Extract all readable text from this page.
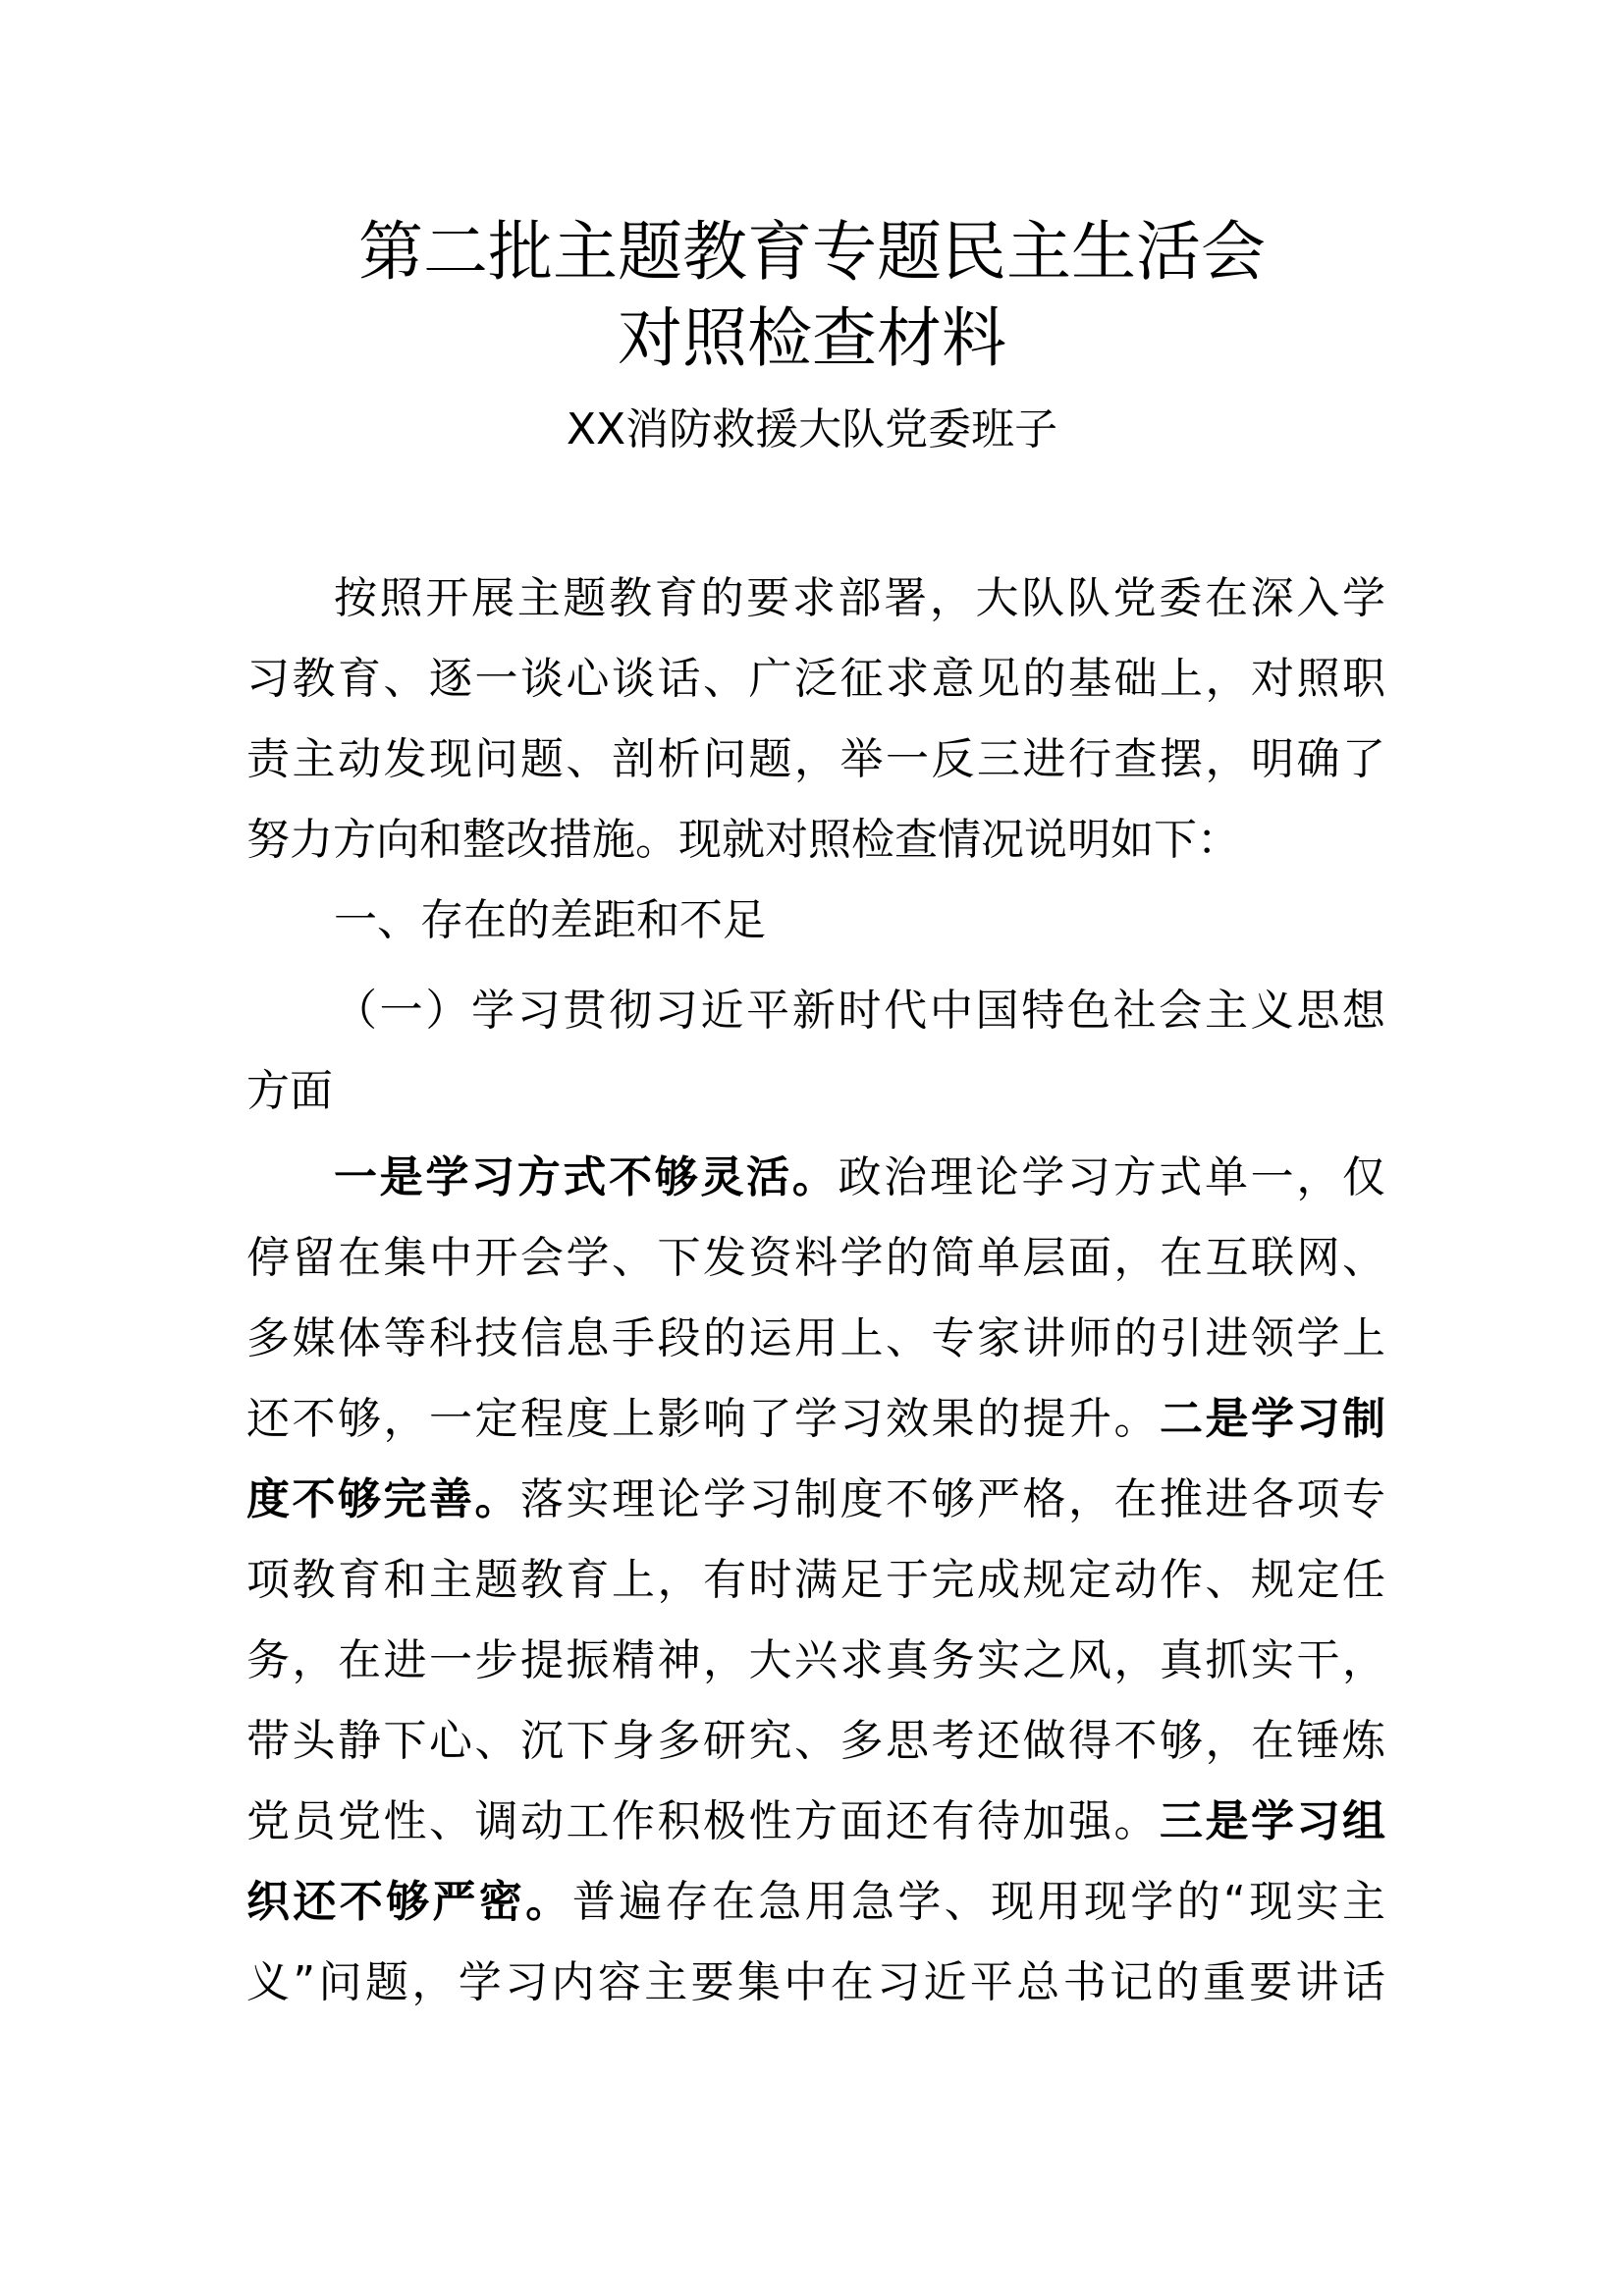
第二批主题教育专题民主生活会
对照检查材料

XX消防救援大队党委班子

按照开展主题教育的要求部署，大队队党委在深入学

习教育、逐一谈心谈话、广泛征求意见的基础上，对照职

责主动发现问题、剖析问题，举一反三进行查摆，明确了

努力方向和整改措施。现就对照检查情况说明如下：

一、存在的差距和不足

（一）学习贯彻习近平新时代中国特色社会主义思想

方面

一是学习方式不够灵活。政治理论学习方式单一，仅

停留在集中开会学、下发资料学的简单层面，在互联网、

多媒体等科技信息手段的运用上、专家讲师的引进领学上

还不够，一定程度上影响了学习效果的提升。二是学习制

度不够完善。落实理论学习制度不够严格，在推进各项专

项教育和主题教育上，有时满足于完成规定动作、规定任

务，在进一步提振精神，大兴求真务实之风，真抓实干，

带头静下心、沉下身多研究、多思考还做得不够，在锤炼

党员党性、调动工作积极性方面还有待加强。三是学习组

织还不够严密。普遍存在急用急学、现用现学的“现实主

义”问题，学习内容主要集中在习近平总书记的重要讲话
